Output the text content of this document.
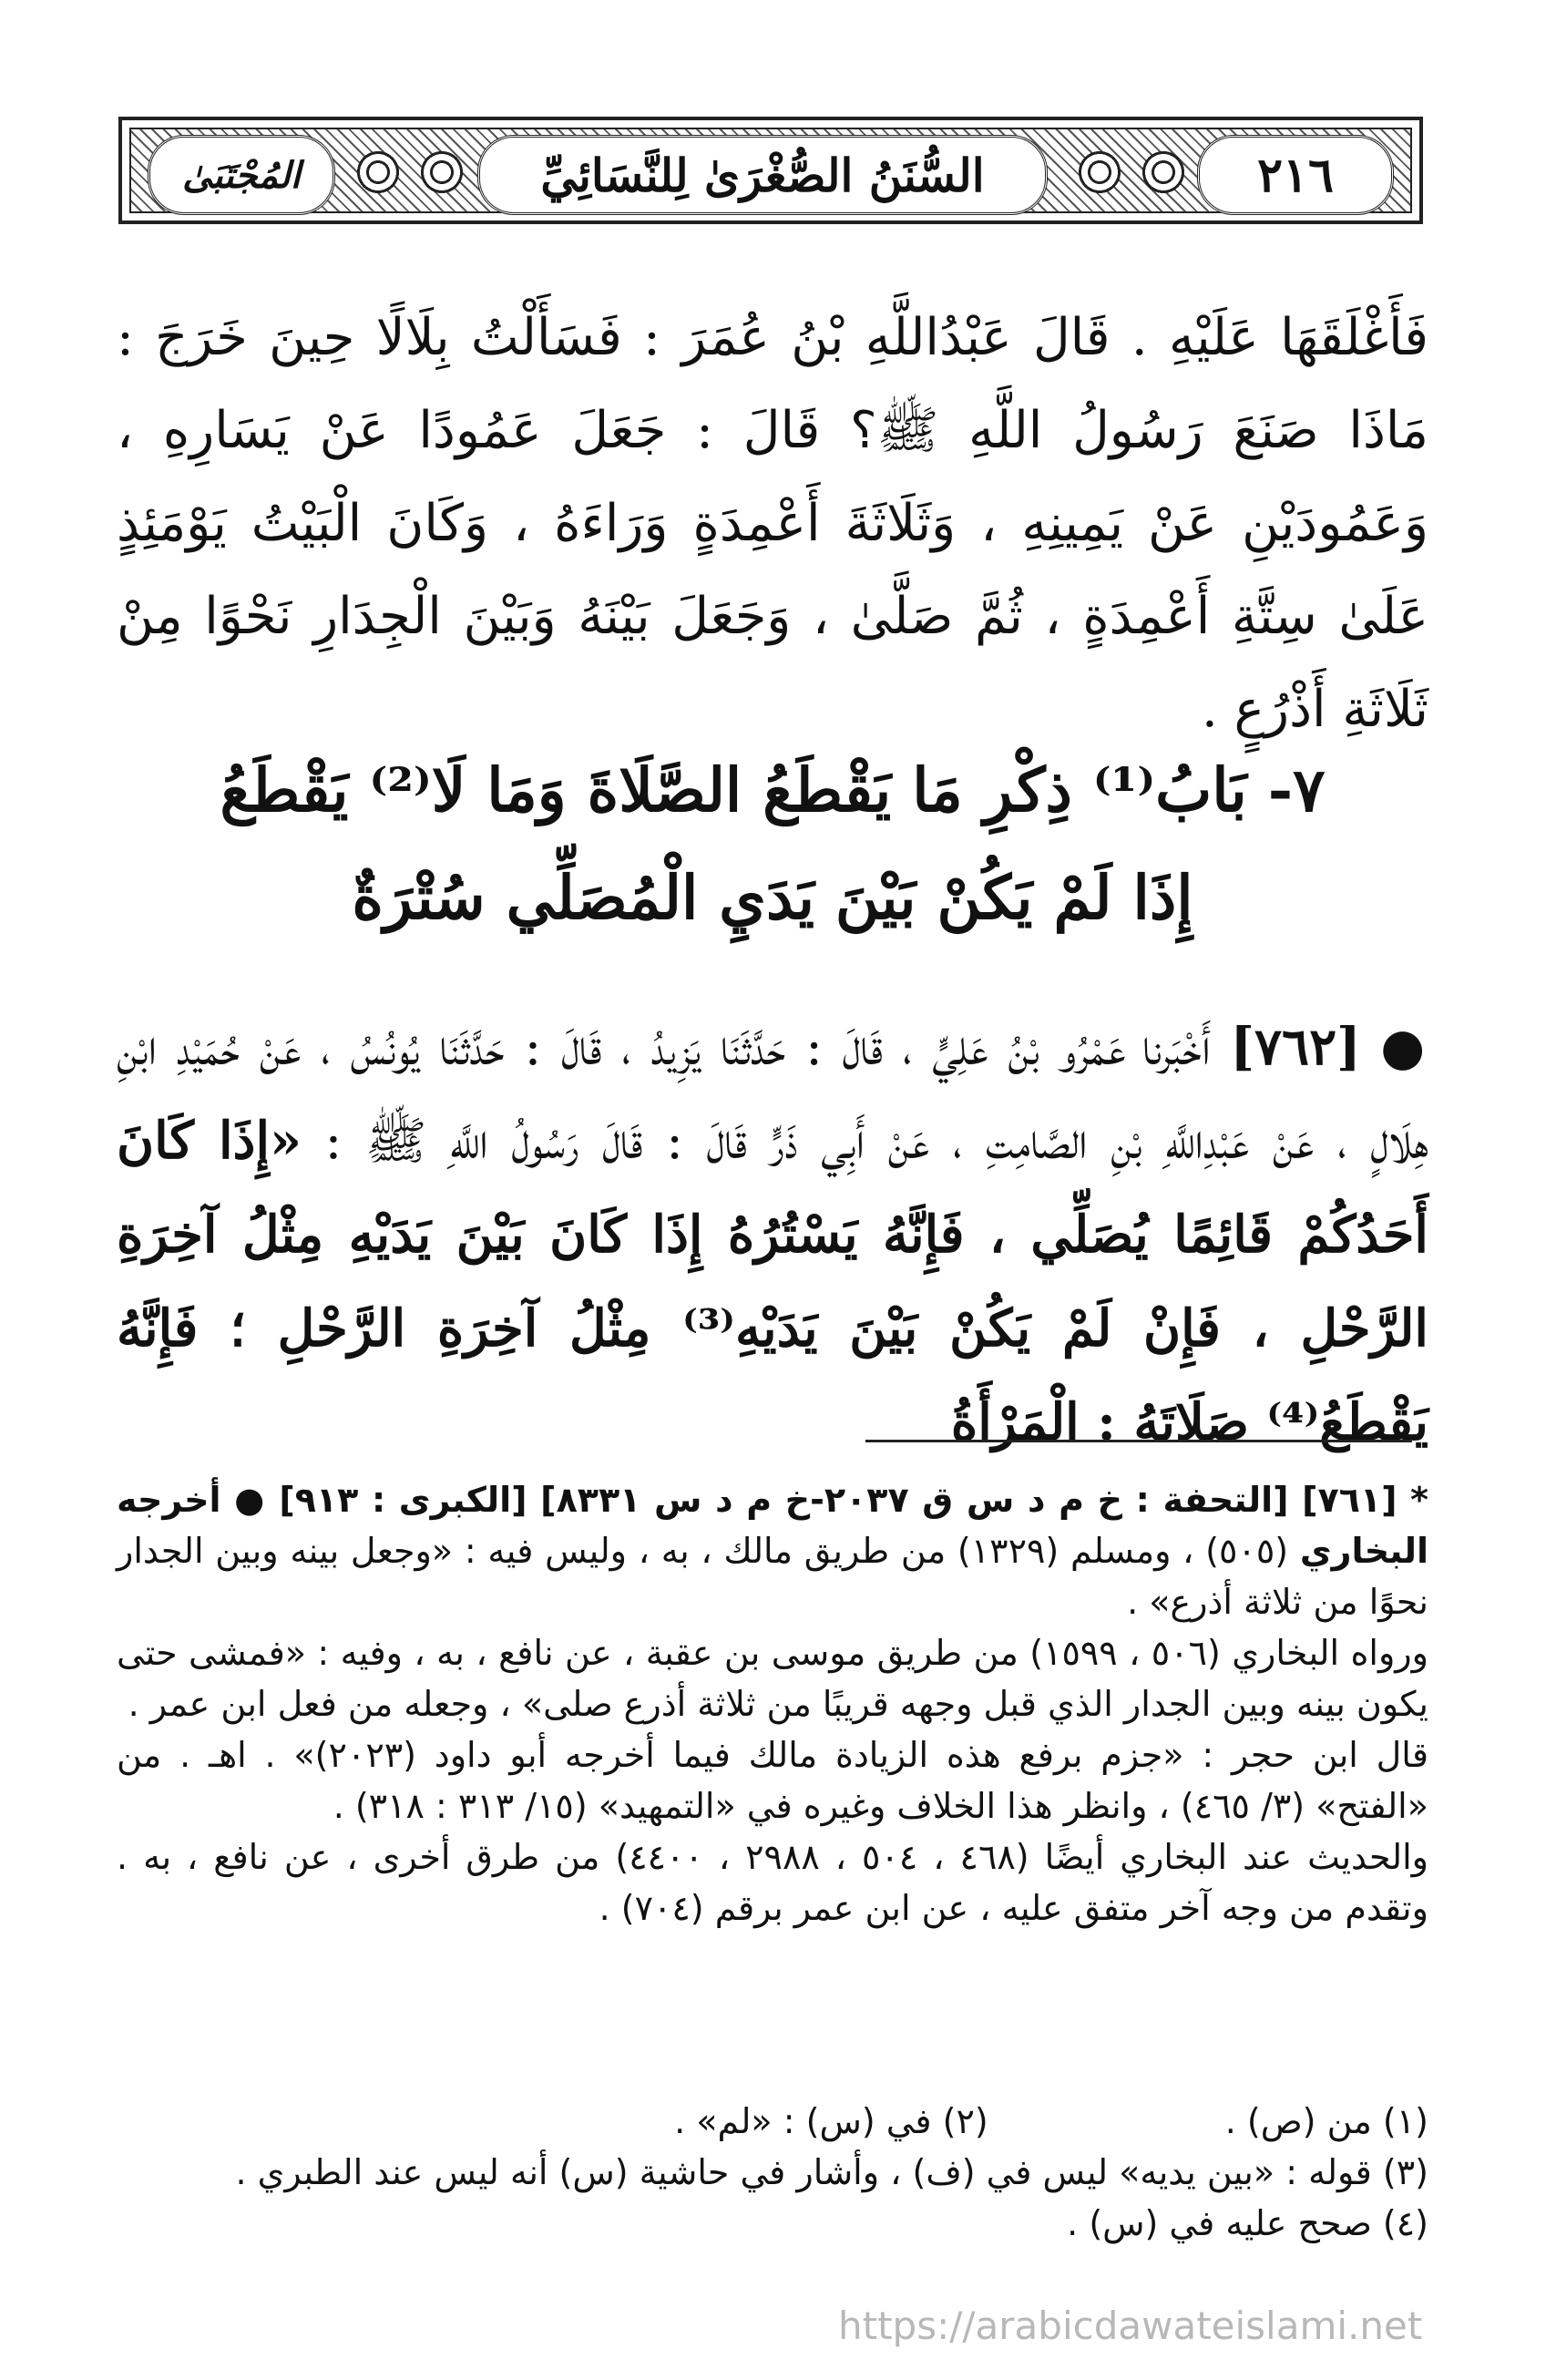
٢١٦
السُّنَنُ الصُّغْرَىٰ لِلنَّسَائِيِّ
المُجْتَبَىٰ
فَأَغْلَقَهَا عَلَيْهِ . قَالَ عَبْدُاللَّهِ بْنُ عُمَرَ : فَسَأَلْتُ بِلَالًا حِينَ خَرَجَ : مَاذَا صَنَعَ رَسُولُ اللَّهِ ﷺ؟ قَالَ : جَعَلَ عَمُودًا عَنْ يَسَارِهِ ، وَعَمُودَيْنِ عَنْ يَمِينِهِ ، وَثَلَاثَةَ أَعْمِدَةٍ وَرَاءَهُ ، وَكَانَ الْبَيْتُ يَوْمَئِذٍ عَلَىٰ سِتَّةِ أَعْمِدَةٍ ، ثُمَّ صَلَّىٰ ، وَجَعَلَ بَيْنَهُ وَبَيْنَ الْجِدَارِ نَحْوًا مِنْ ثَلَاثَةِ أَذْرُعٍ .
٧- بَابُ⁽¹⁾ ذِكْرِ مَا يَقْطَعُ الصَّلَاةَ وَمَا لَا⁽²⁾ يَقْطَعُ
إِذَا لَمْ يَكُنْ بَيْنَ يَدَيِ الْمُصَلِّي سُتْرَةٌ
● [٧٦٢] أَخْبَرنا عَمْرُو بْنُ عَلِيٍّ ، قَالَ : حَدَّثَنَا يَزِيدُ ، قَالَ : حَدَّثَنَا يُونُسُ ، عَنْ حُمَيْدِ ابْنِ هِلَالٍ ، عَنْ عَبْدِاللَّهِ بْنِ الصَّامِتِ ، عَنْ أَبِي ذَرٍّ قَالَ : قَالَ رَسُولُ اللَّهِ ﷺ : «إِذَا كَانَ أَحَدُكُمْ قَائِمًا يُصَلِّي ، فَإِنَّهُ يَسْتُرُهُ إِذَا كَانَ بَيْنَ يَدَيْهِ مِثْلُ آخِرَةِ الرَّحْلِ ، فَإِنْ لَمْ يَكُنْ بَيْنَ يَدَيْهِ⁽³⁾ مِثْلُ آخِرَةِ الرَّحْلِ ؛ فَإِنَّهُ يَقْطَعُ⁽⁴⁾ صَلَاتَهُ : الْمَرْأَةُ
* [٧٦١] [التحفة : خ م د س ق ٢٠٣٧-خ م د س ٨٣٣١] [الكبرى : ٩١٣] ● أخرجه البخاري (٥٠٥) ، ومسلم (١٣٢٩) من طريق مالك ، به ، وليس فيه : «وجعل بينه وبين الجدار نحوًا من ثلاثة أذرع» .
ورواه البخاري (٥٠٦ ، ١٥٩٩) من طريق موسى بن عقبة ، عن نافع ، به ، وفيه : «فمشى حتى يكون بينه وبين الجدار الذي قبل وجهه قريبًا من ثلاثة أذرع صلى» ، وجعله من فعل ابن عمر .
قال ابن حجر : «جزم برفع هذه الزيادة مالك فيما أخرجه أبو داود (٢٠٢٣)» . اهـ . من «الفتح» (٣/ ٤٦٥) ، وانظر هذا الخلاف وغيره في «التمهيد» (١٥/ ٣١٣ : ٣١٨) .
والحديث عند البخاري أيضًا (٤٦٨ ، ٥٠٤ ، ٢٩٨٨ ، ٤٤٠٠) من طرق أخرى ، عن نافع ، به . وتقدم من وجه آخر متفق عليه ، عن ابن عمر برقم (٧٠٤) .
(١) من (ص) .
(٢) في (س) : «لم» .
(٣) قوله : «بين يديه» ليس في (ف) ، وأشار في حاشية (س) أنه ليس عند الطبري .
(٤) صحح عليه في (س) .
https://arabicdawateislami.net
